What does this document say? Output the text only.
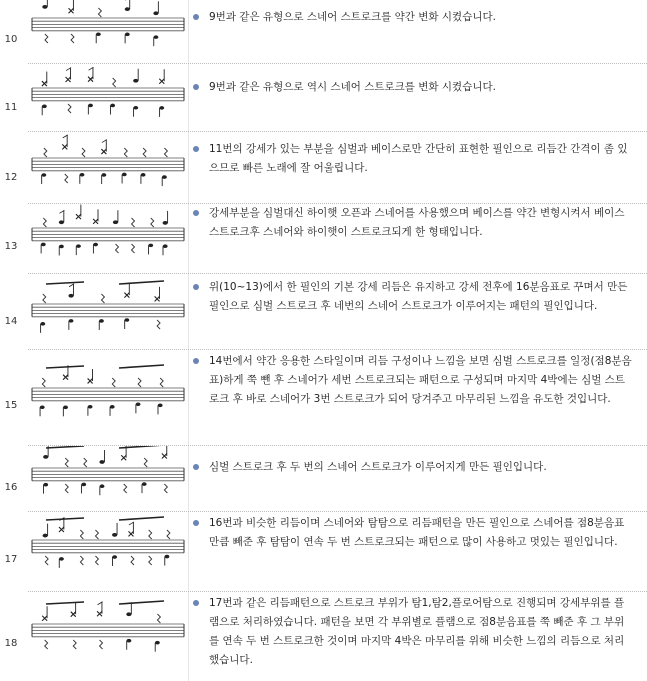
10
9번과 같은 유형으로 스네어 스트로크를 약간 변화 시켰습니다.
11
9번과 같은 유형으로 역시 스네어 스트로크를 변화 시켰습니다.
12
11번의 강세가 있는 부분을 심벌과 베이스로만 간단히 표현한 필인으로 리듬간 간격이 좀 있으므로 빠른 노래에 잘 어울립니다.
13
강세부분을 심벌대신 하이햇 오픈과 스네어를 사용했으며 베이스를 약간 변형시켜서 베이스 스트로크후 스네어와 하이햇이 스트로크되게 한 형태입니다.
14
위(10~13)에서 한 필인의 기본 강세 리듬은 유지하고 강세 전후에 16분음표로 꾸며서 만든 필인으로 심벌 스트로크 후 네번의 스네어 스트로크가 이루어지는 패턴의 필인입니다.
15
14번에서 약간 응용한 스타일이며 리듬 구성이나 느낌을 보면 심벌 스트로크를 일정(점8분음표)하게 쭉 뺀 후 스네어가 세번 스트로크되는 패턴으로 구성되며 마지막 4박에는 심벌 스트로크 후 바로 스네어가 3번 스트로크가 되어 당겨주고 마무리된 느낌을 유도한 것입니다.
16
심벌 스트로크 후 두 번의 스네어 스트로크가 이루어지게 만든 필인입니다.
17
16번과 비슷한 리듬이며 스네어와 탐탐으로 리듬패턴을 만든 필인으로 스네어를 점8분음표 만큼 빼준 후 탐탐이 연속 두 번 스트로크되는 패턴으로 많이 사용하고 멋있는 필인입니다.
18
17번과 같은 리듬패턴으로 스트로크 부위가 탐1,탐2,플로어탐으로 진행되며 강세부위를 플램으로 처리하였습니다. 패턴을 보면 각 부위별로 플램으로 점8분음표를 쭉 빼준 후 그 부위를 연속 두 번 스트로크한 것이며 마지막 4박은 마무리를 위해 비슷한 느낌의 리듬으로 처리했습니다.
